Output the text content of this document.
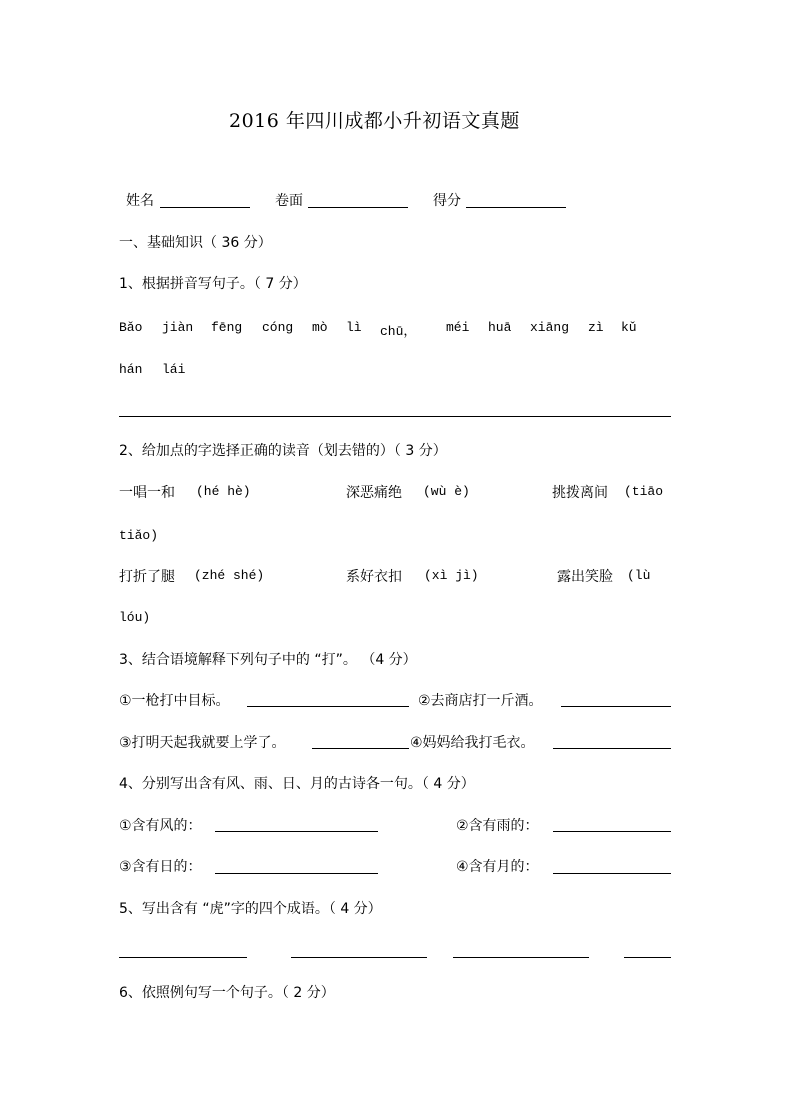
2016 年四川成都小升初语文真题
姓名	卷面	得分
一、基础知识（ 36 分）
1、根据拼音写句子。（ 7 分）
Bǎo jiàn fēng cóng mò lì chū， méi huā xiāng zì kǔ
hán lái
2、给加点的字选择正确的读音（划去错的）（ 3 分）
一唱一和 (hé hè)	深恶痛绝 (wù è)	挑拨离间 (tiāo
tiǎo)
打折了腿 (zhé shé)	系好衣扣 (xì jì)	露出笑脸 (lù
lóu)
3、结合语境解释下列句子中的 “打”。 （4 分）
①一枪打中目标。	②去商店打一斤酒。
③打明天起我就要上学了。	④妈妈给我打毛衣。
4、分别写出含有风、雨、日、月的古诗各一句。（ 4 分）
①含有风的：	②含有雨的：
③含有日的：	④含有月的：
5、写出含有 “虎”字的四个成语。（ 4 分）
6、依照例句写一个句子。（ 2 分）
